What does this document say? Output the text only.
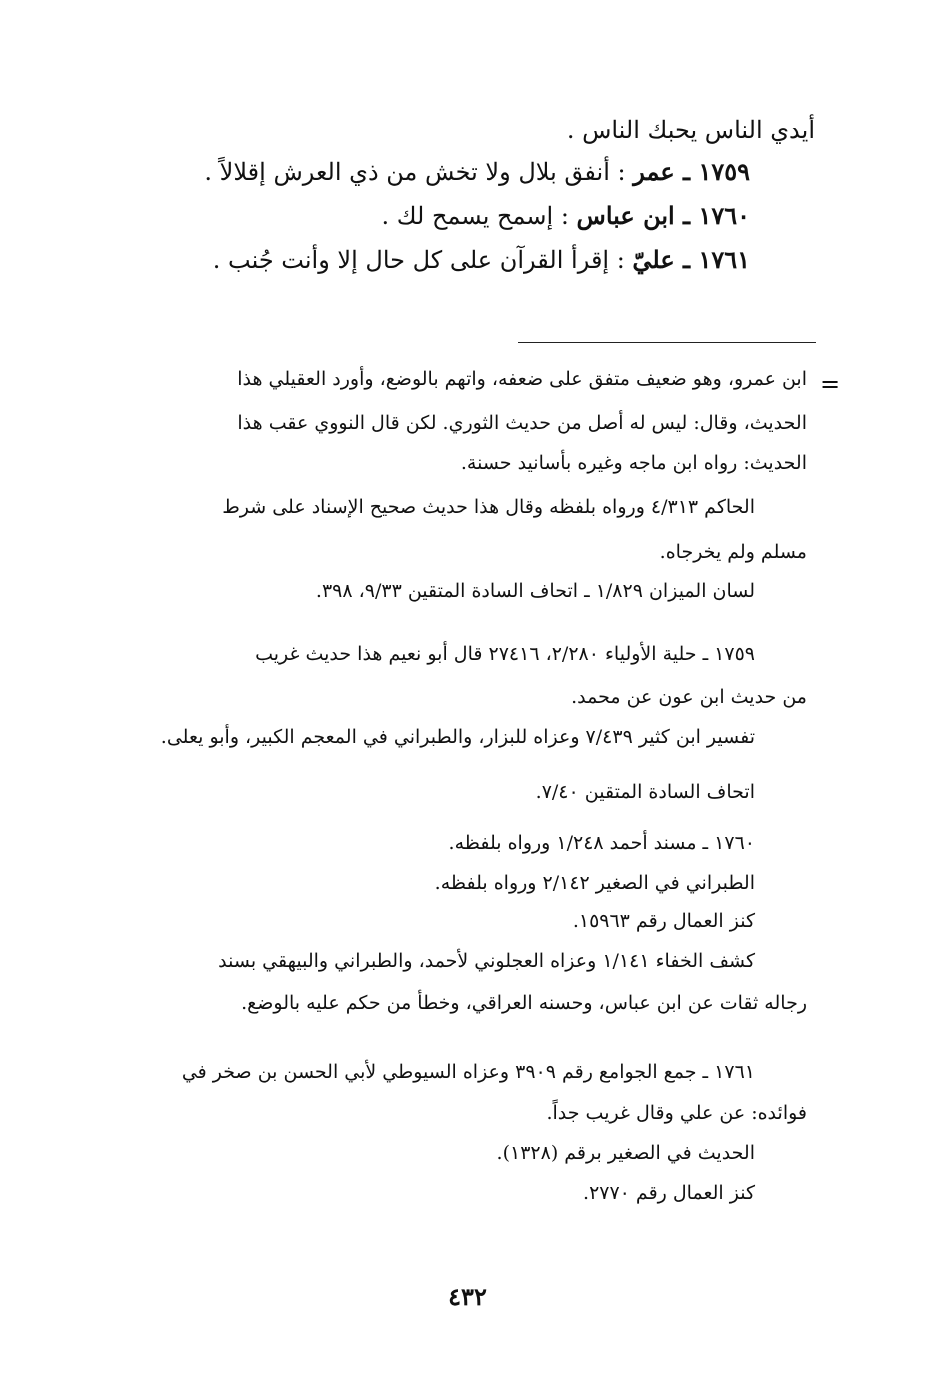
أيدي الناس يحبك الناس .
١٧٥٩ ـ عمر : أنفق بلال ولا تخش من ذي العرش إقلالاً .
١٧٦٠ ـ ابن عباس : إسمح يسمح لك .
١٧٦١ ـ عليّ : إقرأ القرآن على كل حال إلا وأنت جُنب .
=
ابن عمرو، وهو ضعيف متفق على ضعفه، واتهم بالوضع، وأورد العقيلي هذا
الحديث، وقال: ليس له أصل من حديث الثوري. لكن قال النووي عقب هذا
الحديث: رواه ابن ماجه وغيره بأسانيد حسنة.
الحاكم ٤/٣١٣ ورواه بلفظه وقال هذا حديث صحيح الإسناد على شرط
مسلم ولم يخرجاه.
لسان الميزان ١/٨٢٩ ـ اتحاف السادة المتقين ٩/٣٣، ٣٩٨.
١٧٥٩ ـ حلية الأولياء ٢/٢٨٠، ٢٧٤١٦ قال أبو نعيم هذا حديث غريب
من حديث ابن عون عن محمد.
تفسير ابن كثير ٧/٤٣٩ وعزاه للبزار، والطبراني في المعجم الكبير، وأبو يعلى.
اتحاف السادة المتقين ٧/٤٠.
١٧٦٠ ـ مسند أحمد ١/٢٤٨ ورواه بلفظه.
الطبراني في الصغير ٢/١٤٢ ورواه بلفظه.
كنز العمال رقم ١٥٩٦٣.
كشف الخفاء ١/١٤١ وعزاه العجلوني لأحمد، والطبراني والبيهقي بسند
رجاله ثقات عن ابن عباس، وحسنه العراقي، وخطأ من حكم عليه بالوضع.
١٧٦١ ـ جمع الجوامع رقم ٣٩٠٩ وعزاه السيوطي لأبي الحسن بن صخر في
فوائده: عن علي وقال غريب جداً.
الحديث في الصغير برقم (١٣٢٨).
كنز العمال رقم ٢٧٧٠.
٤٣٢
